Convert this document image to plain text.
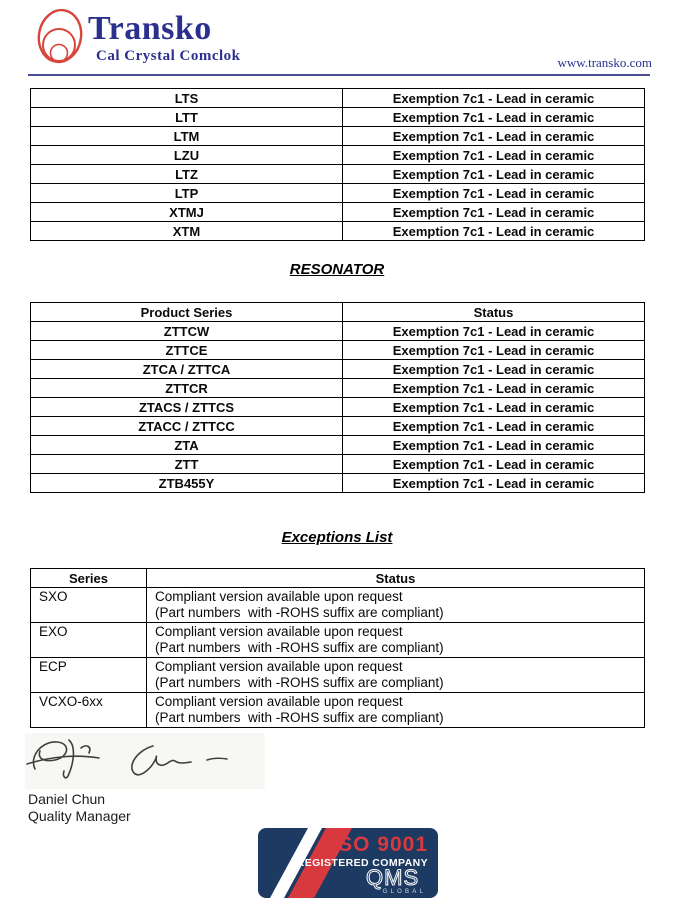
Transko
Cal Crystal Comclok	www.transko.com
LTS	Exemption 7c1 - Lead in ceramic
LTT	Exemption 7c1 - Lead in ceramic
LTM	Exemption 7c1 - Lead in ceramic
LZU	Exemption 7c1 - Lead in ceramic
LTZ	Exemption 7c1 - Lead in ceramic
LTP	Exemption 7c1 - Lead in ceramic
XTMJ	Exemption 7c1 - Lead in ceramic
XTM	Exemption 7c1 - Lead in ceramic
RESONATOR
Product Series	Status
ZTTCW	Exemption 7c1 - Lead in ceramic
ZTTCE	Exemption 7c1 - Lead in ceramic
ZTCA / ZTTCA	Exemption 7c1 - Lead in ceramic
ZTTCR	Exemption 7c1 - Lead in ceramic
ZTACS / ZTTCS	Exemption 7c1 - Lead in ceramic
ZTACC / ZTTCC	Exemption 7c1 - Lead in ceramic
ZTA	Exemption 7c1 - Lead in ceramic
ZTT	Exemption 7c1 - Lead in ceramic
ZTB455Y	Exemption 7c1 - Lead in ceramic
Exceptions List
Series	Status
SXO	Compliant version available upon request
(Part numbers  with -ROHS suffix are compliant)

EXO	Compliant version available upon request
(Part numbers  with -ROHS suffix are compliant)

ECP	Compliant version available upon request
(Part numbers  with -ROHS suffix are compliant)

VCXO-6xx	Compliant version available upon request
(Part numbers  with -ROHS suffix are compliant)
Daniel Chun
Quality Manager
ISO 9001
REGISTERED COMPANY
QMS
GLOBAL
